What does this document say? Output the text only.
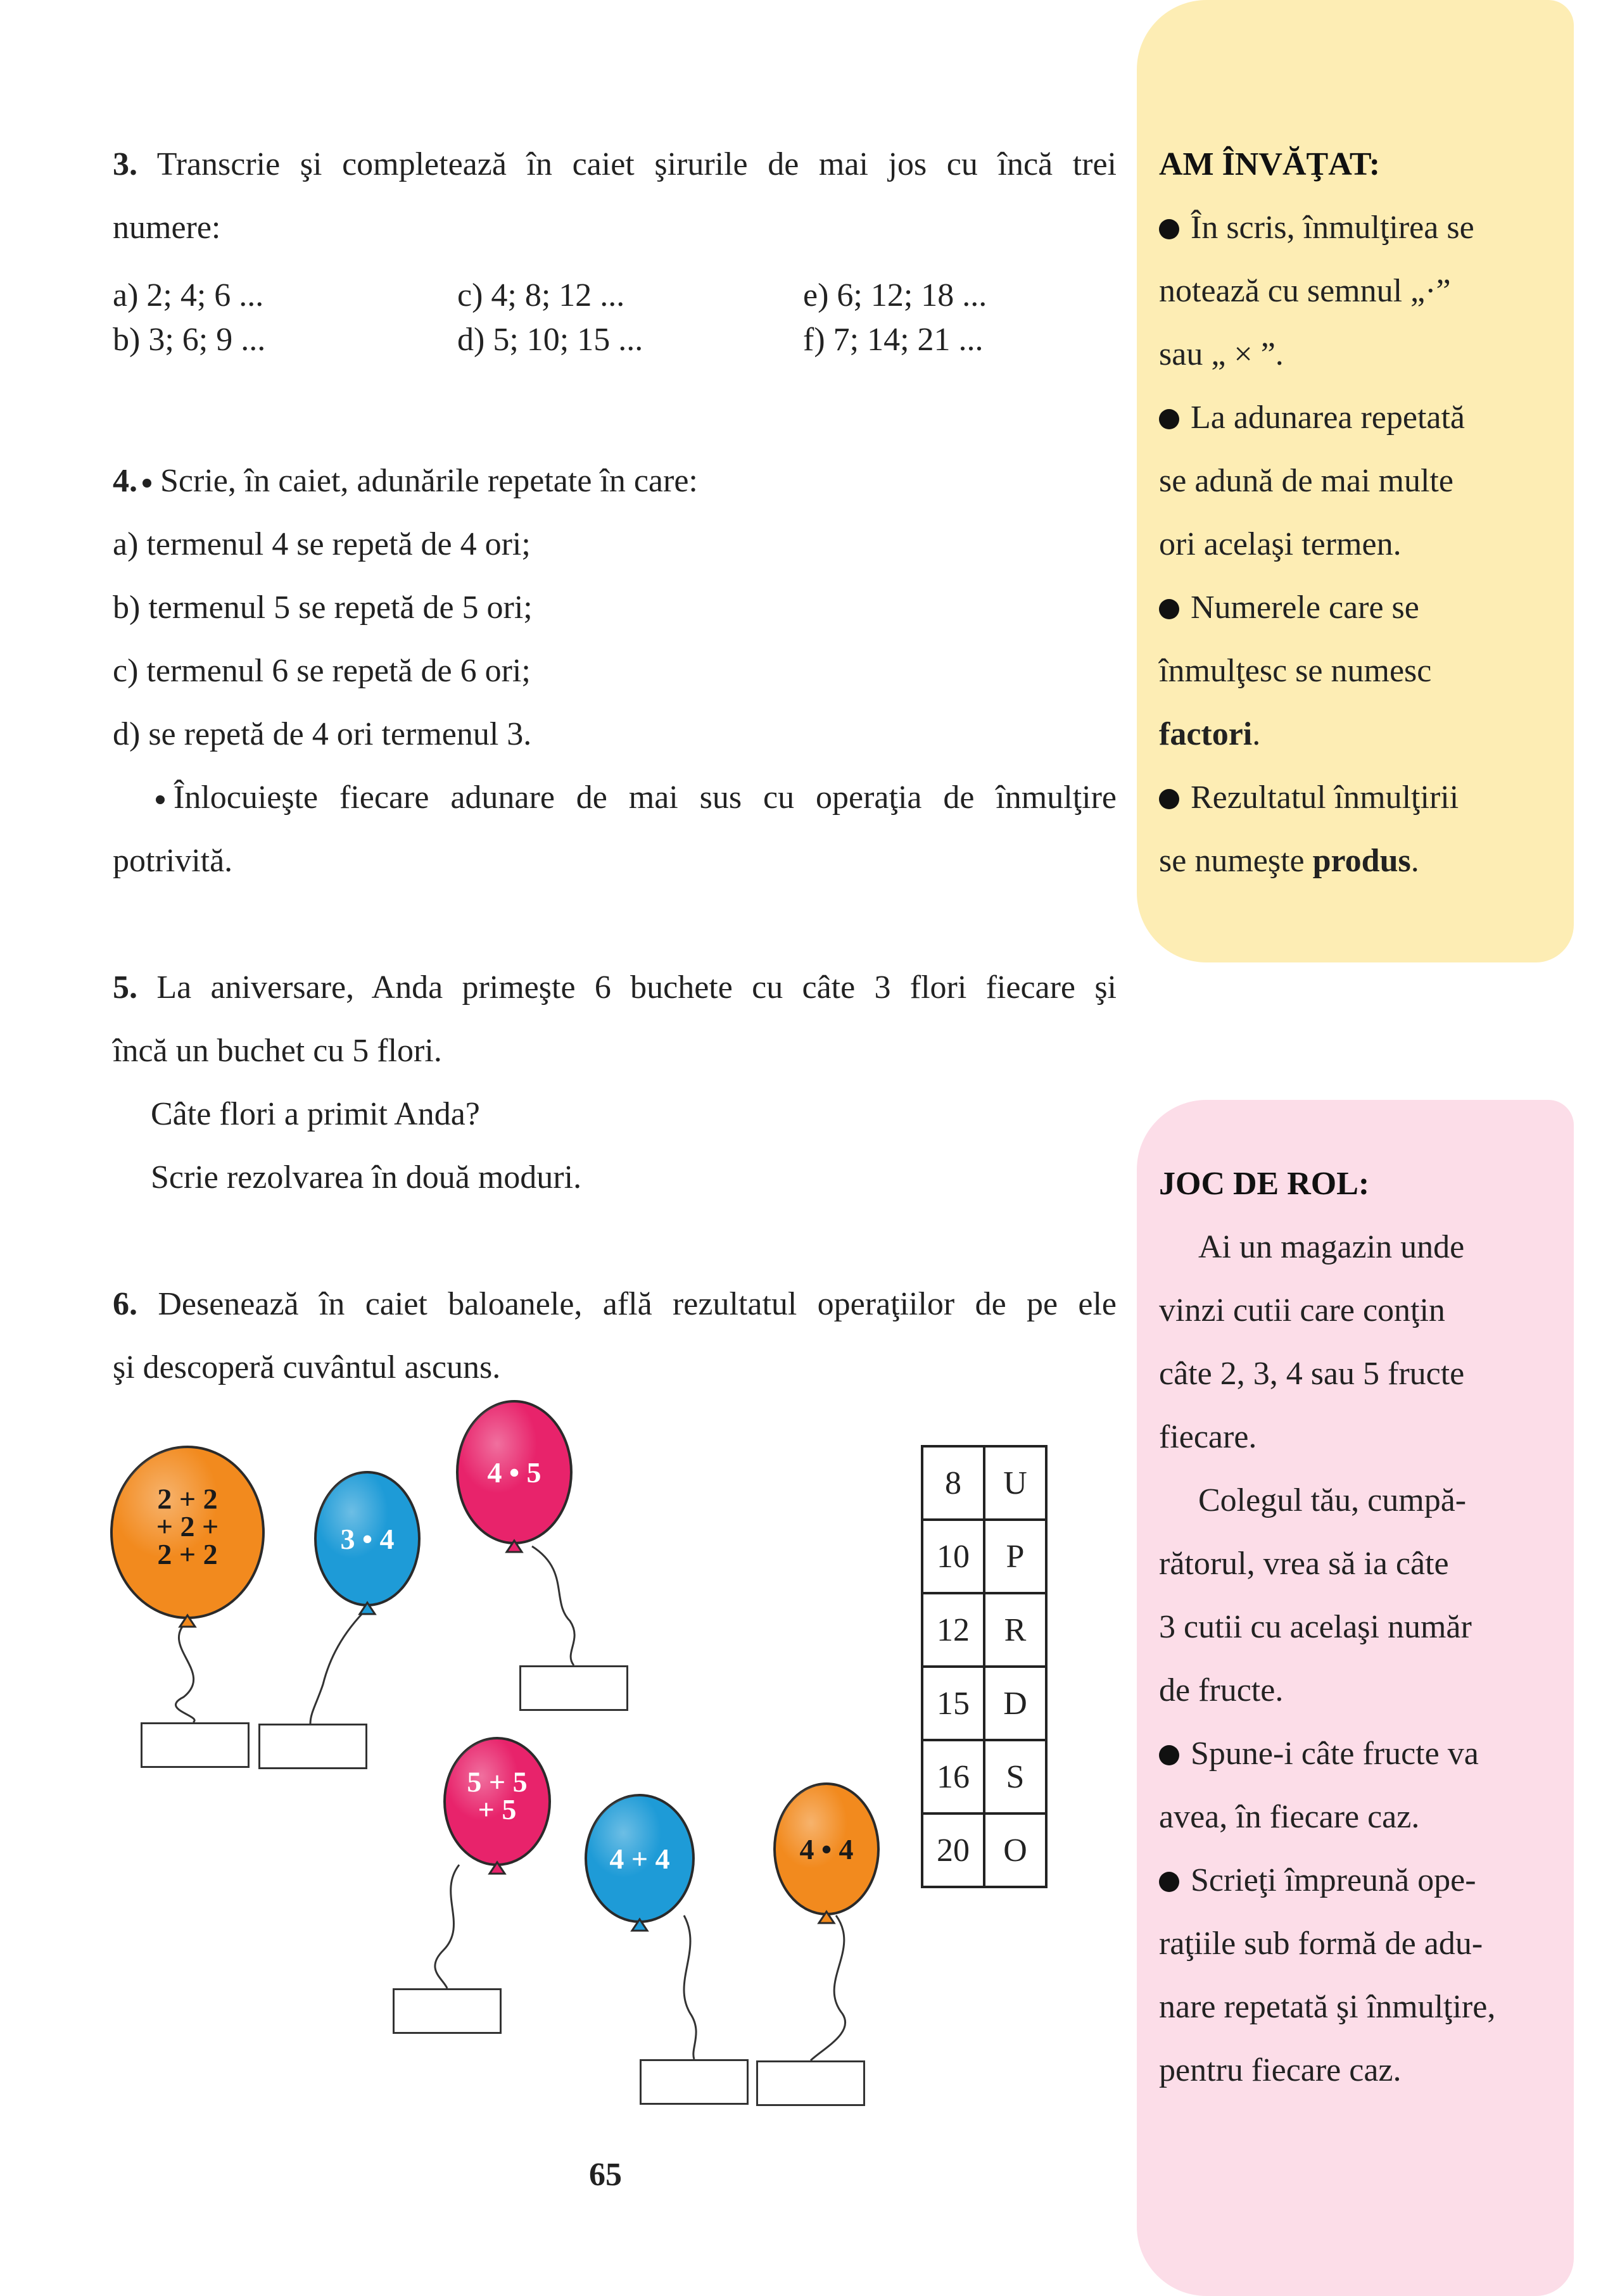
3. Transcrie şi completează în caiet şirurile de mai jos cu încă trei
numere:
a) 2; 4; 6 ...
b) 3; 6; 9 ...
c) 4; 8; 12 ...
d) 5; 10; 15 ...
e) 6; 12; 18 ...
f) 7; 14; 21 ...
4. Scrie, în caiet, adunările repetate în care:
a) termenul 4 se repetă de 4 ori;
b) termenul 5 se repetă de 5 ori;
c) termenul 6 se repetă de 6 ori;
d) se repetă de 4 ori termenul 3.
Înlocuieşte fiecare adunare de mai sus cu operaţia de înmulţire
potrivită.
5. La aniversare, Anda primeşte 6 buchete cu câte 3 flori fiecare şi
încă un buchet cu 5 flori.
Câte flori a primit Anda?
Scrie rezolvarea în două moduri.
6. Desenează în caiet baloanele, află rezultatul operaţiilor de pe ele
şi descoperă cuvântul ascuns.
2 + 2
+ 2 +
2 + 2	3 • 4
4 • 5
5 + 5
+ 5
4 + 4	4 • 4
8	U
10	P
12	R
15	D
16	S
20	O
AM ÎNVĂŢAT:
În scris, înmulţirea se
notează cu semnul „·”
sau „ × ”.
La adunarea repetată
se adună de mai multe
ori acelaşi termen.
Numerele care se
înmulţesc se numesc
factori.
Rezultatul înmulţirii
se numeşte produs.
JOC DE ROL:
Ai un magazin unde
vinzi cutii care conţin
câte 2, 3, 4 sau 5 fructe
fiecare.
Colegul tău, cumpă-
rătorul, vrea să ia câte
3 cutii cu acelaşi număr
de fructe.
Spune-i câte fructe va
avea, în fiecare caz.
Scrieţi împreună ope-
raţiile sub formă de adu-
nare repetată şi înmulţire,
pentru fiecare caz.
65
